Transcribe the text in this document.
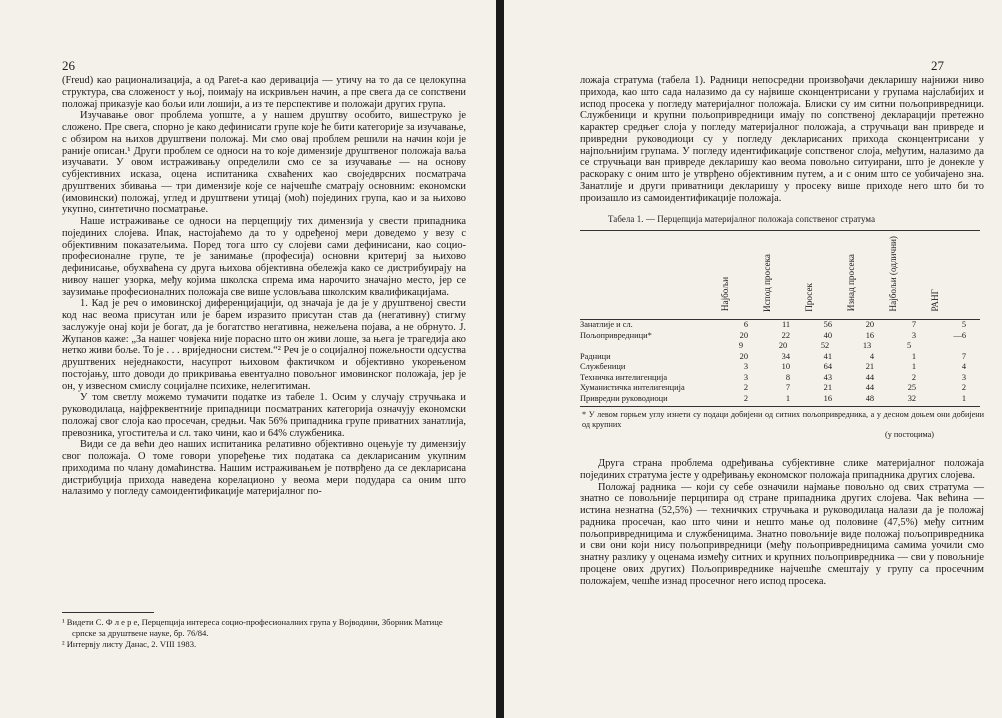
26

(Freud) као рационализација, а од Paret-a као деривација — утичу на то да се целокупна структура, сва сложеност у њој, поимају на искривљен начин, а пре свега да се сопствени положај приказује као бољи или лошији, а из те перспективе и положаји других група.

Изучавање овог проблема уопште, а у нашем друштву особито, вишеструко је сложено. Пре свега, спорно је како дефинисати групе које ће бити категорије за изучавање, с обзиром на њихов друштвени положај. Ми смо овај проблем решили на начин који је раније описан.¹ Други проблем се односи на то које димензије друштвеног положаја ваља изучавати. У овом истраживању определили смо се за изучавање — на основу субјективних исказа, оцена испитаника схваћених као своједврсних посматрача друштвених збивања — три димензије које се најчешће сматрају основним: економски (имовински) положај, углед и друштвени утицај (моћ) појединих група, као и за њихово укупно, синтетично посматрање.

Наше истраживање се односи на перцепцију тих димензија у свести припадника појединих слојева. Ипак, настојаћемо да то у одређеној мери доведемо у везу с објективним показатељима. Поред тога што су слојеви сами дефинисани, као социо-професионалне групе, те је занимање (професија) основни критериј за њихово дефинисање, обухваћена су друга њихова објективна обележја како се дистрибуирају на нивоу нашег узорка, међу којима школска спрема има нарочито значајно место, јер се заузимање професионалних положаја све више условљава школским квалификацијама.

1. Кад је реч о имовинској диференцијацији, од значаја је да је у друштвеној свести код нас веома присутан или је барем изразито присутан став да (негативну) стигму заслужује онај који је богат, да је богатство негативна, нежељена појава, а не обрнуто. Ј. Жупанов каже: „За нашег човјека није порасно што он живи лоше, за њега је трагедија ако нетко живи боље. То је . . . вриједносни систем.“² Реч је о социјалној пожељности одсуства друштвених неједнакости, насупрот њиховом фактичком и објективно укорењеном постојању, што доводи до прикривања евентуално повољног имовинског положаја, јер је он, у извесном смислу социјалне психике, нелегитиман.

У том светлу можемо тумачити податке из табеле 1. Осим у случају стручњака и руководилаца, најфреквентније припадници посматраних категорија означују економски положај свог слоја као просечан, средњи. Чак 56% припадника групе приватних занатлија, превозника, угоститеља и сл. тако чини, као и 64% службеника.

Види се да већи део наших испитаника релативно објективно оцењује ту димензију свог положаја. О томе говори упоређење тих података са декларисаним укупним приходима по члану домаћинства. Нашим истраживањем је потврђено да се декларисана дистрибуција прихода наведена корелационо у веома мери подудара са оним што налазимо у погледу самоидентификације материјалног по-

¹ Видети С. Ф л е р е, Перцепција интереса социо-професионалних група у Војводини, Зборник Матице српске за друштвене науке, бр. 76/84.

² Интервју листу Данас, 2. VIII 1983.

27

ложаја стратума (табела 1). Радници непосредни произвођачи декларишу најнижи ниво прихода, као што сада налазимо да су највише сконцентрисани у групама најслабијих и испод просека у погледу материјалног положаја. Блиски су им ситни пољопривредници. Службеници и крупни пољопривредници имају по сопственој декларацији претежно карактер средњег слоја у погледу материјалног положаја, а стручњаци ван привреде и привредни руководиоци су у погледу декларисаних прихода сконцентрисани у најпољнијим групама. У погледу идентификације сопственог слоја, међутим, налазимо да се стручњаци ван привреде декларишу као веома повољно ситуирани, што је донекле у раскораку с оним што је утврђено објективним путем, а и с оним што се уобичајено зна. Занатлије и други приватници декларишу у просеку више приходе него што би то произашло из самоидентификације положаја.

Табела 1. — Перцепција материјалног положаја сопственог стратума
	Најбољи	Испод просека	Просек	Изнад просека	Најбољи (одлични)	РАНГ
Занатлије и сл.	6	11	56	20	7	5
Пољопривредници*	20	22	40	16	3	—6
	9	20	52	13	5	
Радници	20	34	41	4	1	7
Службеници	3	10	64	21	1	4
Техничка интелигенција	3	8	43	44	2	3
Хуманистичка интелигенција	2	7	21	44	25	2
Привредни руководиоци	2	1	16	48	32	1
* У левом горњем углу изнети су подаци добијени од ситних пољопривредника, а у десном доњем они добијени од крупних
(у постоцима)

Друга страна проблема одређивања субјективне слике материјалног положаја појединих стратума јесте у одређивању економског положаја припадника других слојева.

Положај радника — који су себе означили најмање повољно од свих стратума — знатно се повољније перципира од стране припадника других слојева. Чак већина — истина незнатна (52,5%) — техничких стручњака и руководилаца налази да је положај радника просечан, као што чини и нешто мање од половине (47,5%) међу ситним пољопривредницима и службеницима. Знатно повољније виде положај пољопривредника и сви они који нису пољопривредници (међу пољопривредницима самима уочили смо знатну разлику у оценама између ситних и крупних пољопривредника — сви у повољније процене ових других) Пољопривреднике најчешће смештају у групу са просечним положајем, чешће изнад просечног него испод просека.
